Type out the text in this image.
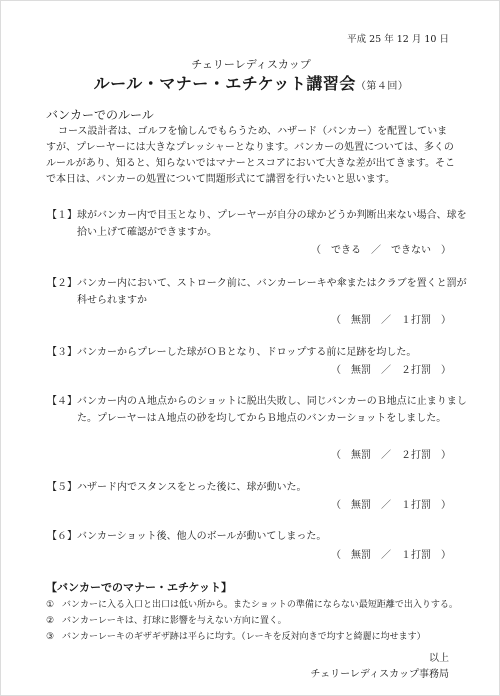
平成 25 年 12 月 10 日
チェリーレディスカップ
ルール・マナー・エチケット講習会（第４回）
バンカーでのルール

コース設計者は、ゴルフを愉しんでもらうため、ハザード（バンカー）を配置していますが、プレーヤーには大きなプレッシャーとなります。バンカーの処置については、多くのルールがあり、知ると、知らないではマナーとスコアにおいて大きな差が出てきます。そこで本日は、バンカーの処置について問題形式にて講習を行いたいと思います。

【１】 球がバンカー内で目玉となり、プレーヤーが自分の球かどうか判断出来ない場合、球を拾い上げて確認ができますか。
（　できる　／　できない　）
【２】 バンカー内において、ストローク前に、バンカーレーキや傘またはクラブを置くと罰が科せられますか
（　無罰　／　１打罰　）
【３】 バンカーからプレーした球がＯＢとなり、ドロップする前に足跡を均した。
（　無罰　／　２打罰　）
【４】 バンカー内のＡ地点からのショットに脱出失敗し、同じバンカーのＢ地点に止まりました。プレーヤーはＡ地点の砂を均してからＢ地点のバンカーショットをしました。
（　無罰　／　２打罰　）
【５】 ハザード内でスタンスをとった後に、球が動いた。
（　無罰　／　１打罰　）
【６】 バンカーショット後、他人のボールが動いてしまった。
（　無罰　／　１打罰　）
【バンカーでのマナー・エチケット】
① バンカーに入る入口と出口は低い所から。またショットの準備にならない最短距離で出入りする。
② バンカーレーキは、打球に影響を与えない方向に置く。
③ バンカーレーキのギザギザ跡は平らに均す。（レーキを反対向きで均すと綺麗に均せます）
以上
チェリーレディスカップ事務局
